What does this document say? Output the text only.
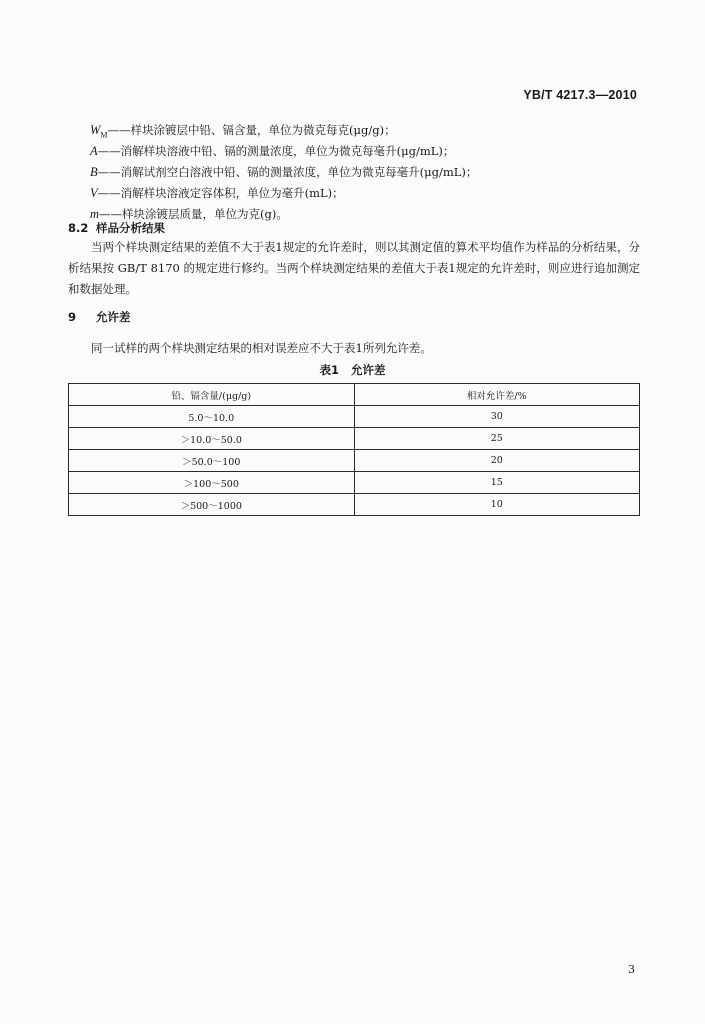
YB/T 4217.3—2010
$W_M——$样块涂镀层中铅、镉含量，单位为微克每克(μg/g)；
A——消解样块溶液中铅、镉的测量浓度，单位为微克每毫升(μg/mL)；
B——消解试剂空白溶液中铅、镉的测量浓度，单位为微克每毫升(μg/mL)；
V——消解样块溶液定容体积，单位为毫升(mL)；
m——样块涂镀层质量，单位为克(g)。
8.2 样品分析结果
当两个样块测定结果的差值不大于表1规定的允许差时，则以其测定值的算术平均值作为样品的分析结果，分析结果按 GB/T 8170 的规定进行修约。当两个样块测定结果的差值大于表1规定的允许差时，则应进行追加测定和数据处理。
9 允许差
同一试样的两个样块测定结果的相对误差应不大于表1所列允许差。
表1 允许差
铅、镉含量/(μg/g)	相对允许差/%
5.0～10.0	30
＞10.0～50.0	25
＞50.0～100	20
＞100～500	15
＞500～1000	10
3
